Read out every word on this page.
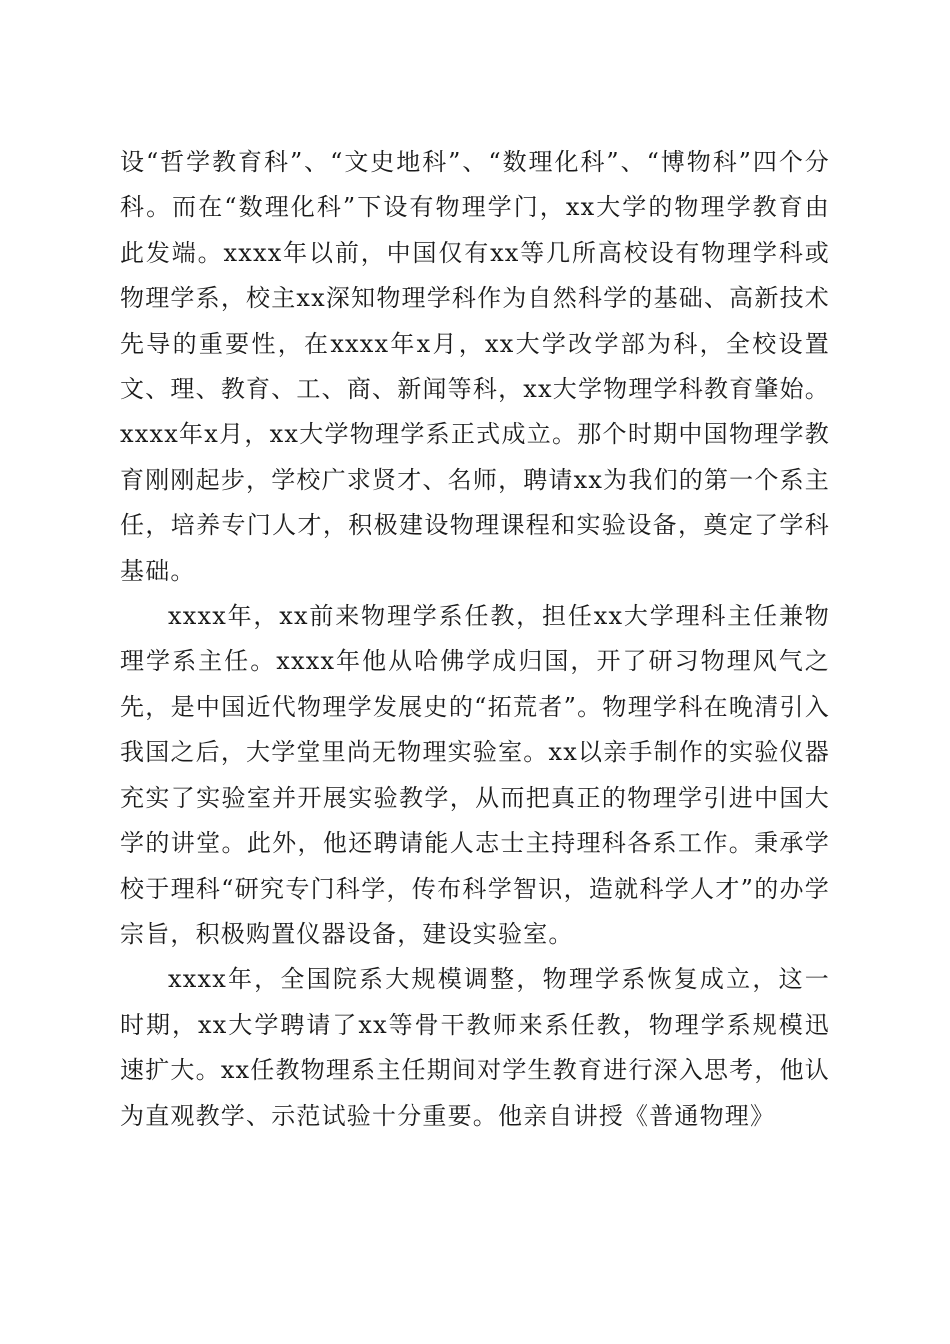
设“哲学教育科”、“文史地科”、“数理化科”、“博物科”四个分科。而在“数理化科”下设有物理学门，xx大学的物理学教育由此发端。xxxx年以前，中国仅有xx等几所高校设有物理学科或物理学系，校主xx深知物理学科作为自然科学的基础、高新技术先导的重要性，在xxxx年x月，xx大学改学部为科，全校设置文、理、教育、工、商、新闻等科，xx大学物理学科教育肇始。xxxx年x月，xx大学物理学系正式成立。那个时期中国物理学教育刚刚起步，学校广求贤才、名师，聘请xx为我们的第一个系主任，培养专门人才，积极建设物理课程和实验设备，奠定了学科基础。

xxxx年，xx前来物理学系任教，担任xx大学理科主任兼物理学系主任。xxxx年他从哈佛学成归国，开了研习物理风气之先，是中国近代物理学发展史的“拓荒者”。物理学科在晚清引入我国之后，大学堂里尚无物理实验室。xx以亲手制作的实验仪器充实了实验室并开展实验教学，从而把真正的物理学引进中国大学的讲堂。此外，他还聘请能人志士主持理科各系工作。秉承学校于理科“研究专门科学，传布科学智识，造就科学人才”的办学宗旨，积极购置仪器设备，建设实验室。

xxxx年，全国院系大规模调整，物理学系恢复成立，这一时期，xx大学聘请了xx等骨干教师来系任教，物理学系规模迅速扩大。xx任教物理系主任期间对学生教育进行深入思考，他认为直观教学、示范试验十分重要。他亲自讲授《普通物理》
